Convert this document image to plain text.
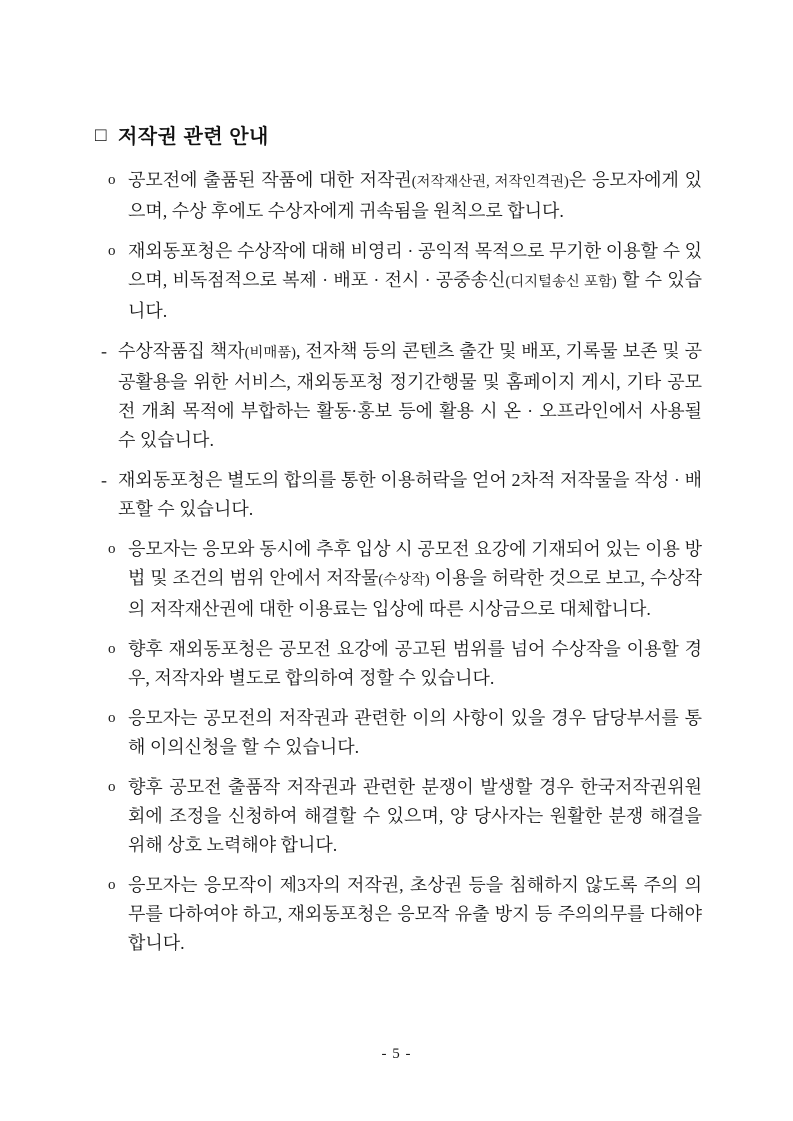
□ 저작권 관련 안내
o 공모전에 출품된 작품에 대한 저작권(저작재산권, 저작인격권)은 응모자에게 있으며, 수상 후에도 수상자에게 귀속됨을 원칙으로 합니다.
o 재외동포청은 수상작에 대해 비영리 · 공익적 목적으로 무기한 이용할 수 있으며, 비독점적으로 복제 · 배포 · 전시 · 공중송신(디지털송신 포함) 할 수 있습니다.
- 수상작품집 책자(비매품), 전자책 등의 콘텐츠 출간 및 배포, 기록물 보존 및 공공활용을 위한 서비스, 재외동포청 정기간행물 및 홈페이지 게시, 기타 공모전 개최 목적에 부합하는 활동·홍보 등에 활용 시 온 · 오프라인에서 사용될 수 있습니다.
- 재외동포청은 별도의 합의를 통한 이용허락을 얻어 2차적 저작물을 작성 · 배포할 수 있습니다.
o 응모자는 응모와 동시에 추후 입상 시 공모전 요강에 기재되어 있는 이용 방법 및 조건의 범위 안에서 저작물(수상작) 이용을 허락한 것으로 보고, 수상작의 저작재산권에 대한 이용료는 입상에 따른 시상금으로 대체합니다.
o 향후 재외동포청은 공모전 요강에 공고된 범위를 넘어 수상작을 이용할 경우, 저작자와 별도로 합의하여 정할 수 있습니다.
o 응모자는 공모전의 저작권과 관련한 이의 사항이 있을 경우 담당부서를 통해 이의신청을 할 수 있습니다.
o 향후 공모전 출품작 저작권과 관련한 분쟁이 발생할 경우 한국저작권위원회에 조정을 신청하여 해결할 수 있으며, 양 당사자는 원활한 분쟁 해결을 위해 상호 노력해야 합니다.
o 응모자는 응모작이 제3자의 저작권, 초상권 등을 침해하지 않도록 주의 의무를 다하여야 하고, 재외동포청은 응모작 유출 방지 등 주의의무를 다해야 합니다.
- 5 -
